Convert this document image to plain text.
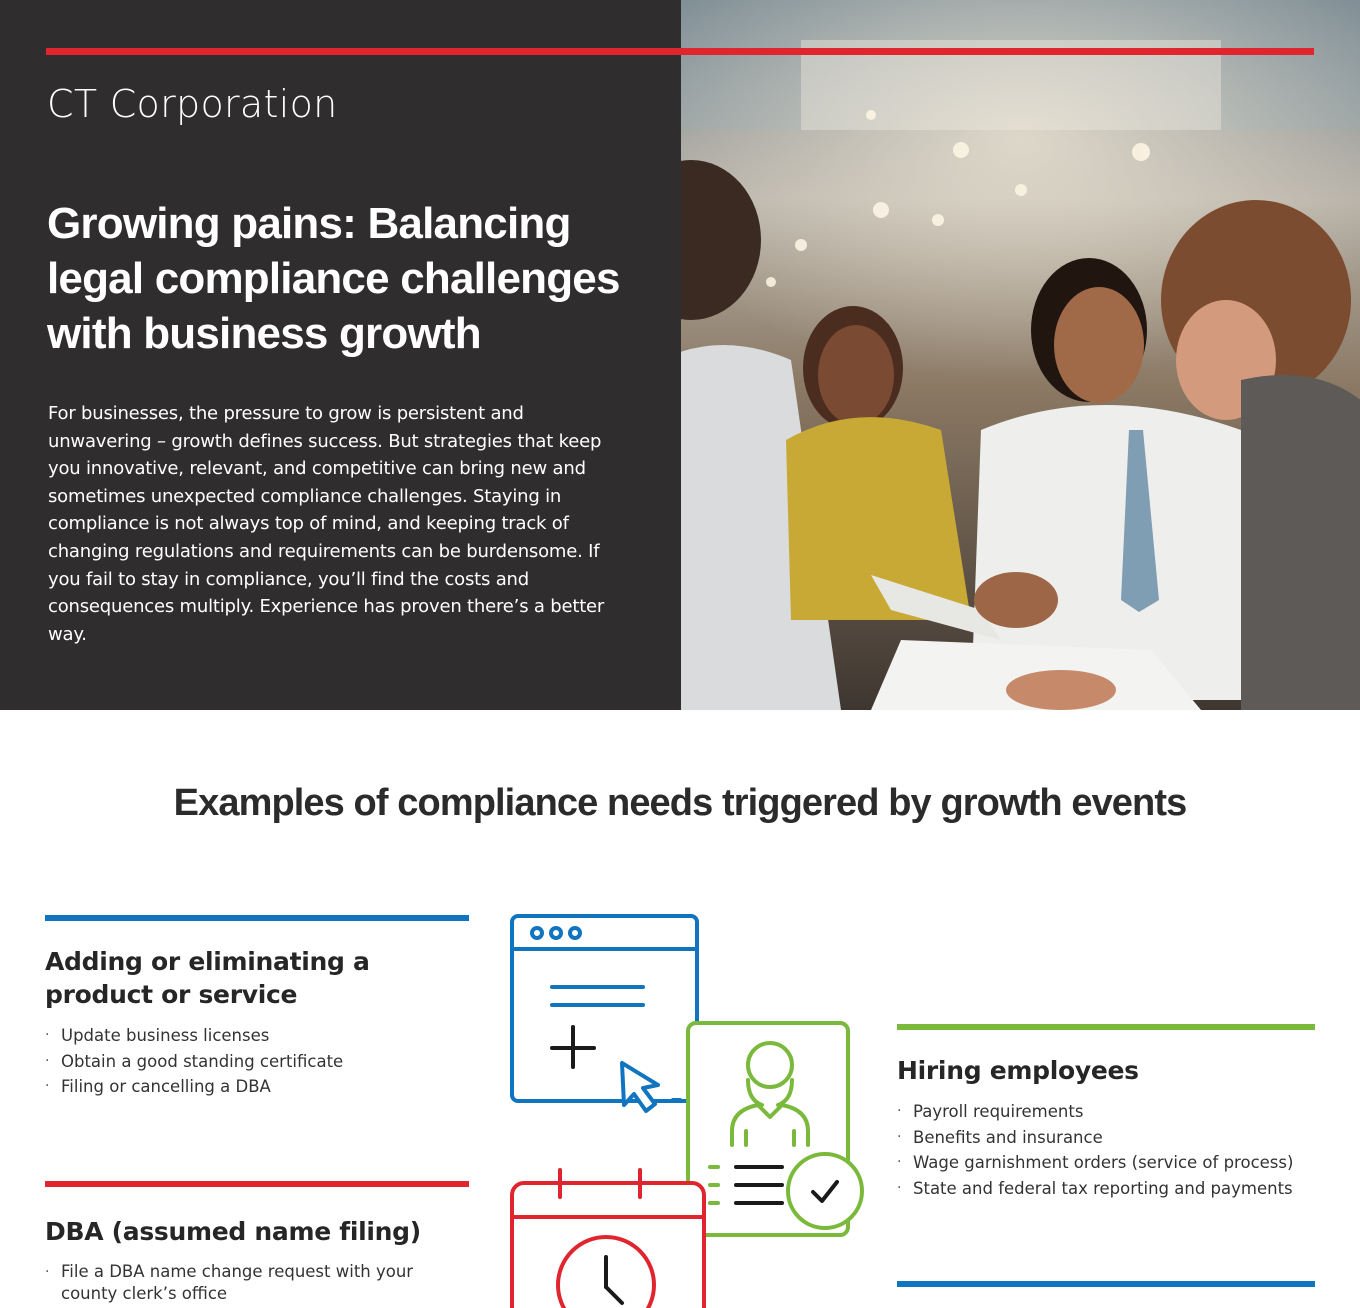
CT Corporation
Growing pains: Balancing legal compliance challenges with business growth

For businesses, the pressure to grow is persistent and unwavering – growth defines success. But strategies that keep you innovative, relevant, and competitive can bring new and sometimes unexpected compliance challenges. Staying in compliance is not always top of mind, and keeping track of changing regulations and requirements can be burdensome. If you fail to stay in compliance, you’ll find the costs and consequences multiply. Experience has proven there’s a better way.

Examples of compliance needs triggered by growth events
Adding or eliminating a product or service
· Update business licenses
· Obtain a good standing certificate
· Filing or cancelling a DBA
DBA (assumed name filing)
· File a DBA name change request with your county clerk’s office
Hiring employees
· Payroll requirements
· Benefits and insurance
· Wage garnishment orders (service of process)
· State and federal tax reporting and payments
